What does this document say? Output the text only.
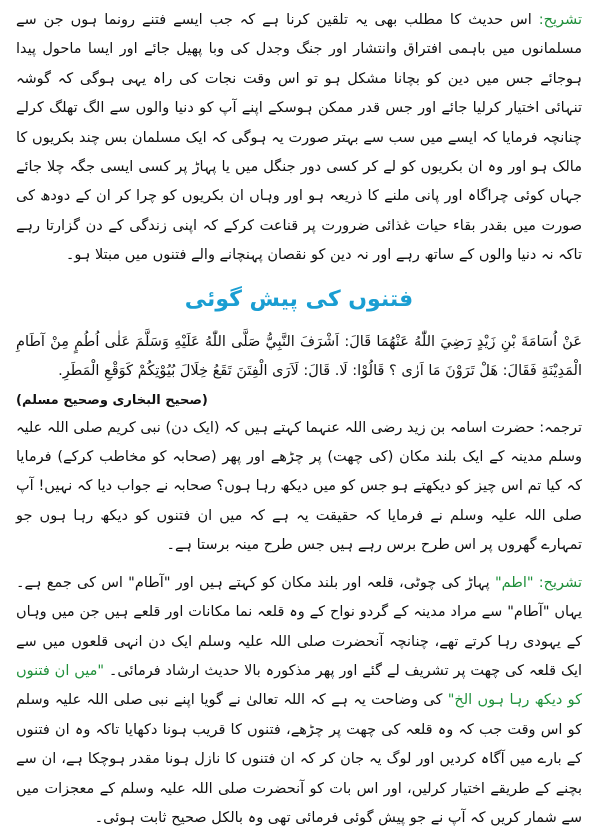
تشریح: اس حدیث کا مطلب بھی یہ تلقین کرنا ہے کہ جب ایسے فتنے رونما ہوں جن سے مسلمانوں میں باہمی افتراق وانتشار اور جنگ وجدل کی وبا پھیل جائے اور ایسا ماحول پیدا ہوجائے جس میں دین کو بچانا مشکل ہو تو اس وقت نجات کی راہ یہی ہوگی کہ گوشہ تنہائی اختیار کرلیا جائے اور جس قدر ممکن ہوسکے اپنے آپ کو دنیا والوں سے الگ تھلگ کرلے چنانچہ فرمایا کہ ایسے میں سب سے بہتر صورت یہ ہوگی کہ ایک مسلمان بس چند بکریوں کا مالک ہو اور وہ ان بکریوں کو لے کر کسی دور جنگل میں یا پہاڑ پر کسی ایسی جگہ چلا جائے جہاں کوئی چراگاہ اور پانی ملنے کا ذریعہ ہو اور وہاں ان بکریوں کو چرا کر ان کے دودھ کی صورت میں بقدر بقاء حیات غذائی ضرورت پر قناعت کرکے کہ اپنی زندگی کے دن گزارتا رہے تاکہ نہ دنیا والوں کے ساتھ رہے اور نہ دین کو نقصان پہنچانے والے فتنوں میں مبتلا ہو۔

فتنوں کی پیش گوئی

عَنْ اُسَامَةَ بْنِ زَيْدٍ رَضِيَ اللّٰهُ عَنْهُمَا قَالَ: اَشْرَفَ النَّبِيُّ صَلَّى اللّٰهُ عَلَيْهِ وَسَلَّمَ عَلٰى اُطُمٍ مِنْ آطَامِ الْمَدِيْنَةِ فَقَالَ: هَلْ تَرَوْنَ مَا اَرٰى ؟ قَالُوْا: لَا. قَالَ: لَاَرَى الْفِتَنَ تَقَعُ خِلَالَ بُيُوْتِكُمْ كَوَقْعِ الْمَطَرِ.

(صحیح البخاری وصحیح مسلم)

ترجمہ: حضرت اسامہ بن زید رضی اللہ عنہما کہتے ہیں کہ (ایک دن) نبی کریم صلی اللہ علیہ وسلم مدینہ کے ایک بلند مکان (کی چھت) پر چڑھے اور پھر (صحابہ کو مخاطب کرکے) فرمایا کہ کیا تم اس چیز کو دیکھتے ہو جس کو میں دیکھ رہا ہوں؟ صحابہ نے جواب دیا کہ نہیں! آپ صلی اللہ علیہ وسلم نے فرمایا کہ حقیقت یہ ہے کہ میں ان فتنوں کو دیکھ رہا ہوں جو تمہارے گھروں پر اس طرح برس رہے ہیں جس طرح مینہ برستا ہے۔

تشریح: "اطم" پہاڑ کی چوٹی، قلعہ اور بلند مکان کو کہتے ہیں اور "آطام" اس کی جمع ہے۔ یہاں "آطام" سے مراد مدینہ کے گردو نواح کے وہ قلعہ نما مکانات اور قلعے ہیں جن میں وہاں کے یہودی رہا کرتے تھے، چنانچہ آنحضرت صلی اللہ علیہ وسلم ایک دن انہی قلعوں میں سے ایک قلعہ کی چھت پر تشریف لے گئے اور پھر مذکورہ بالا حدیث ارشاد فرمائی۔ "میں ان فتنوں کو دیکھ رہا ہوں الخ" کی وضاحت یہ ہے کہ اللہ تعالیٰ نے گویا اپنے نبی صلی اللہ علیہ وسلم کو اس وقت جب کہ وہ قلعہ کی چھت پر چڑھے، فتنوں کا قریب ہونا دکھایا تاکہ وہ ان فتنوں کے بارے میں آگاہ کردیں اور لوگ یہ جان کر کہ ان فتنوں کا نازل ہونا مقدر ہوچکا ہے، ان سے بچنے کے طریقے اختیار کرلیں، اور اس بات کو آنحضرت صلی اللہ علیہ وسلم کے معجزات میں سے شمار کریں کہ آپ نے جو پیش گوئی فرمائی تھی وہ بالکل صحیح ثابت ہوئی۔
